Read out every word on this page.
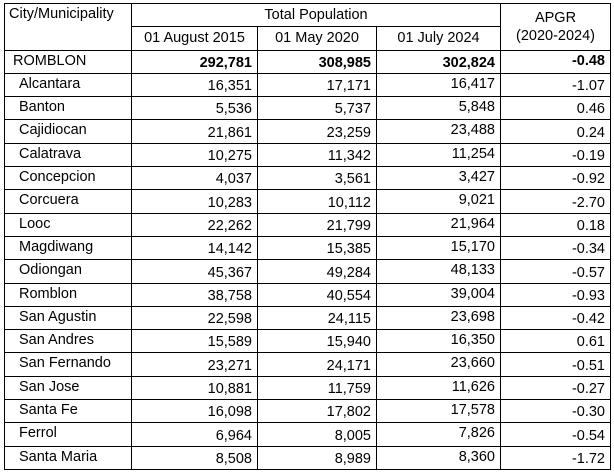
City/Municipality	Total Population			APGR
(2020-2024)

	01 August 2015	01 May 2020	01 July 2024	
ROMBLON	292,781	308,985	302,824	-0.48
Alcantara	16,351	17,171	16,417	-1.07
Banton	5,536	5,737	5,848	0.46
Cajidiocan	21,861	23,259	23,488	0.24
Calatrava	10,275	11,342	11,254	-0.19
Concepcion	4,037	3,561	3,427	-0.92
Corcuera	10,283	10,112	9,021	-2.70
Looc	22,262	21,799	21,964	0.18
Magdiwang	14,142	15,385	15,170	-0.34
Odiongan	45,367	49,284	48,133	-0.57
Romblon	38,758	40,554	39,004	-0.93
San Agustin	22,598	24,115	23,698	-0.42
San Andres	15,589	15,940	16,350	0.61
San Fernando	23,271	24,171	23,660	-0.51
San Jose	10,881	11,759	11,626	-0.27
Santa Fe	16,098	17,802	17,578	-0.30
Ferrol	6,964	8,005	7,826	-0.54
Santa Maria	8,508	8,989	8,360	-1.72
